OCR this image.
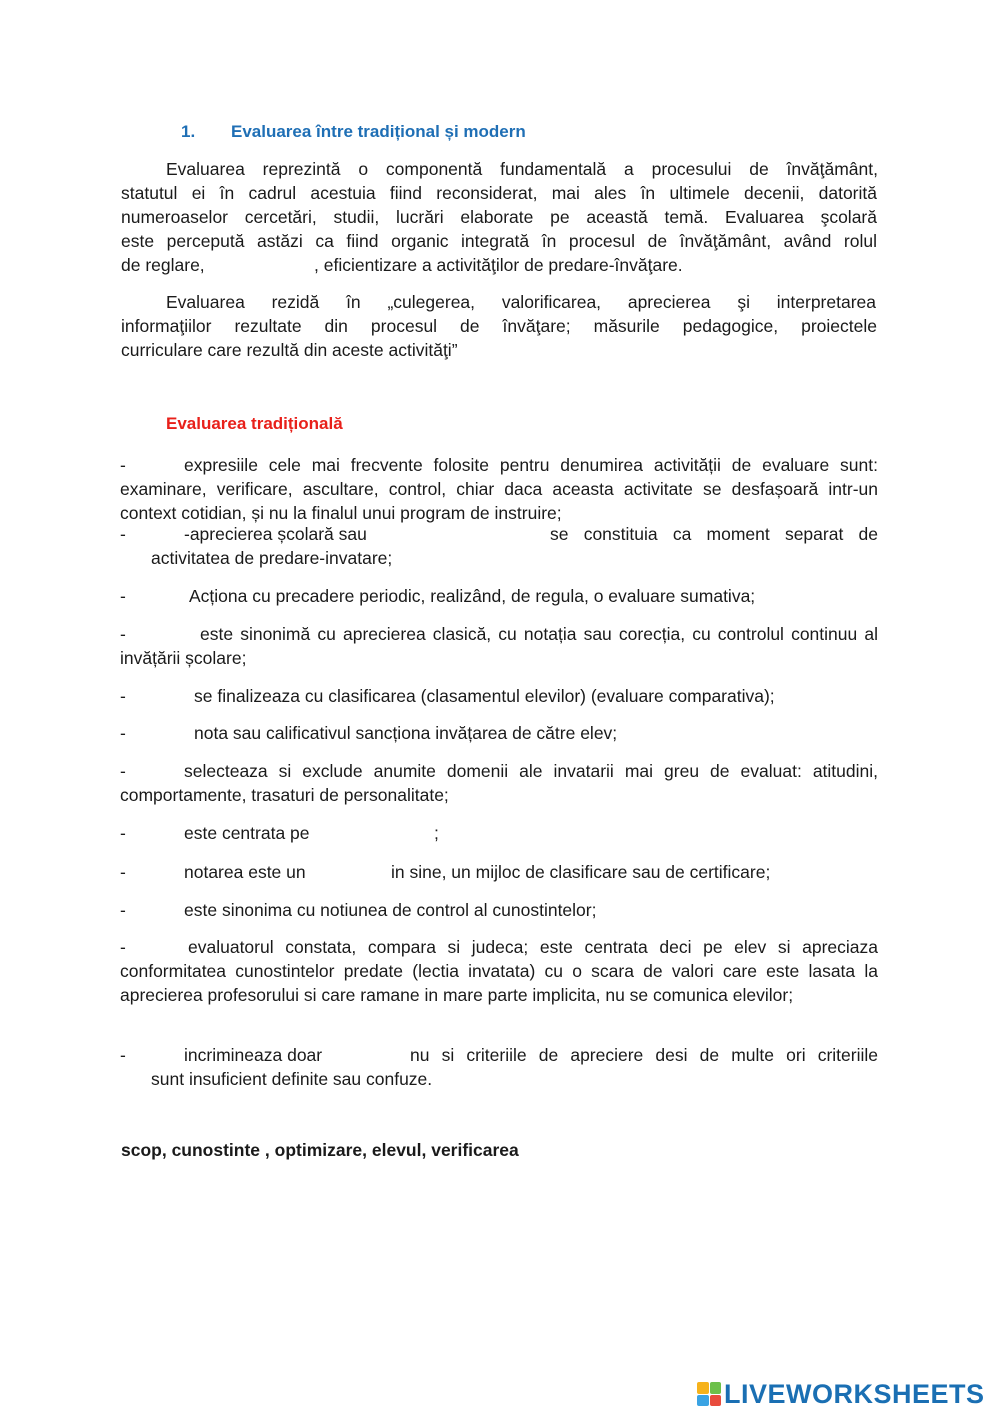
1. Evaluarea între tradițional și modern
Evaluarea reprezintă o componentă fundamentală a procesului de învăţământ,
statutul ei în cadrul acestuia fiind reconsiderat, mai ales în ultimele decenii, datorită
numeroaselor cercetări, studii, lucrări elaborate pe această temă. Evaluarea şcolară
este percepută astăzi ca fiind organic integrată în procesul de învăţământ, având rolul
de reglare,	, eficientizare a activităţilor de predare-învăţare.
Evaluarea rezidă în „culegerea, valorificarea, aprecierea şi interpretarea
informaţiilor rezultate din procesul de învăţare; măsurile pedagogice, proiectele
curriculare care rezultă din aceste activităţi”
Evaluarea tradițională
-	expresiile cele mai frecvente folosite pentru denumirea activității de evaluare sunt: examinare, verificare, ascultare, control, chiar daca aceasta activitate se desfașoară intr-un context cotidian, și nu la finalul unui program de instruire;
-	-aprecierea școlară sau	se constituia ca moment separat de
activitatea de predare-invatare;
-	Acționa cu precadere periodic, realizând, de regula, o evaluare sumativa;
-	este sinonimă cu aprecierea clasică, cu notația sau corecția, cu controlul continuu al invățării școlare;
-	se finalizeaza cu clasificarea (clasamentul elevilor) (evaluare comparativa);
-	nota sau calificativul sancționa invățarea de către elev;
-	selecteaza si exclude anumite domenii ale invatarii mai greu de evaluat: atitudini, comportamente, trasaturi de personalitate;
-	este centrata pe	;
-	notarea este un	in sine, un mijloc de clasificare sau de certificare;
-	este sinonima cu notiunea de control al cunostintelor;
-	evaluatorul constata, compara si judeca; este centrata deci pe elev si apreciaza conformitatea cunostintelor predate (lectia invatata) cu o scara de valori care este lasata la aprecierea profesorului si care ramane in mare parte implicita, nu se comunica elevilor;
-	incrimineaza doar	nu si criteriile de apreciere desi de multe ori criteriile
sunt insuficient definite sau confuze.
scop, cunostinte , optimizare, elevul, verificarea
LIVEWORKSHEETS
